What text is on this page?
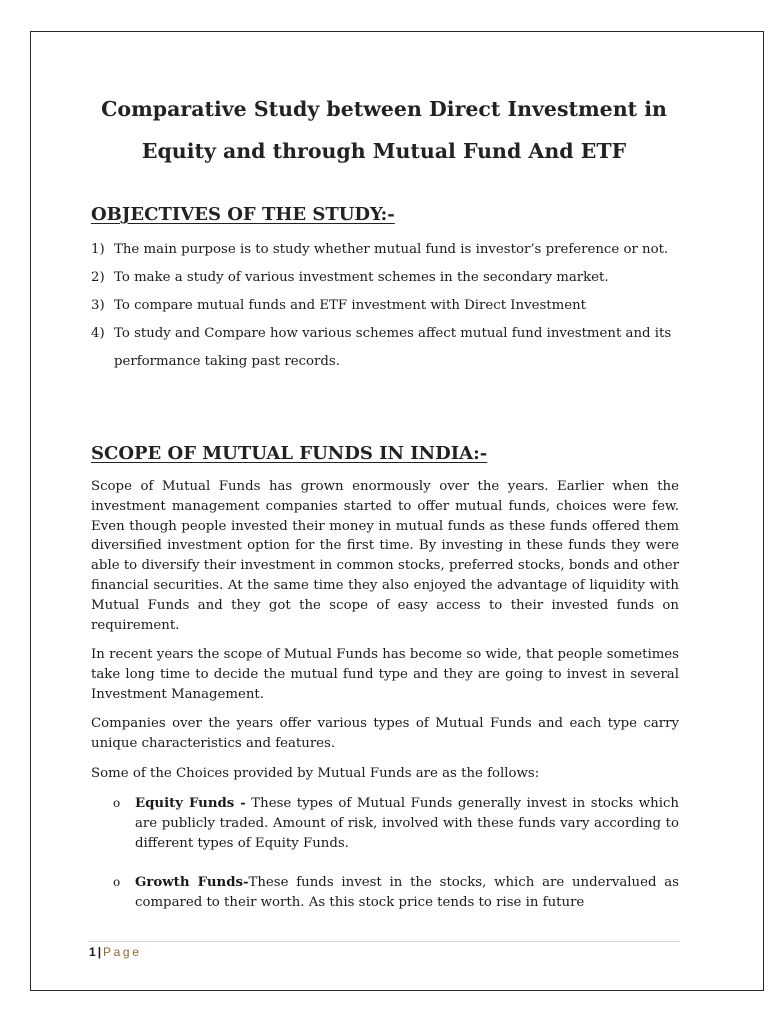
Comparative Study between Direct Investment in
Equity and through Mutual Fund And ETF
OBJECTIVES OF THE STUDY:-
1) The main purpose is to study whether mutual fund is investor’s preference or not.
2) To make a study of various investment schemes in the secondary market.
3) To compare mutual funds and ETF investment with Direct Investment
4) To study and Compare how various schemes affect mutual fund investment and its performance taking past records.
SCOPE OF MUTUAL FUNDS IN INDIA:-
Scope of Mutual Funds has grown enormously over the years. Earlier when the investment management companies started to offer mutual funds, choices were few. Even though people invested their money in mutual funds as these funds offered them diversified investment option for the first time. By investing in these funds they were able to diversify their investment in common stocks, preferred stocks, bonds and other financial securities. At the same time they also enjoyed the advantage of liquidity with Mutual Funds and they got the scope of easy access to their invested funds on requirement.
In recent years the scope of Mutual Funds has become so wide, that people sometimes take long time to decide the mutual fund type and they are going to invest in several Investment Management.
Companies over the years offer various types of Mutual Funds and each type carry unique characteristics and features.
Some of the Choices provided by Mutual Funds are as the follows:
o Equity Funds - These types of Mutual Funds generally invest in stocks which are publicly traded. Amount of risk, involved with these funds vary according to different types of Equity Funds.
o Growth Funds-These funds invest in the stocks, which are undervalued as compared to their worth. As this stock price tends to rise in future
1 | Page
